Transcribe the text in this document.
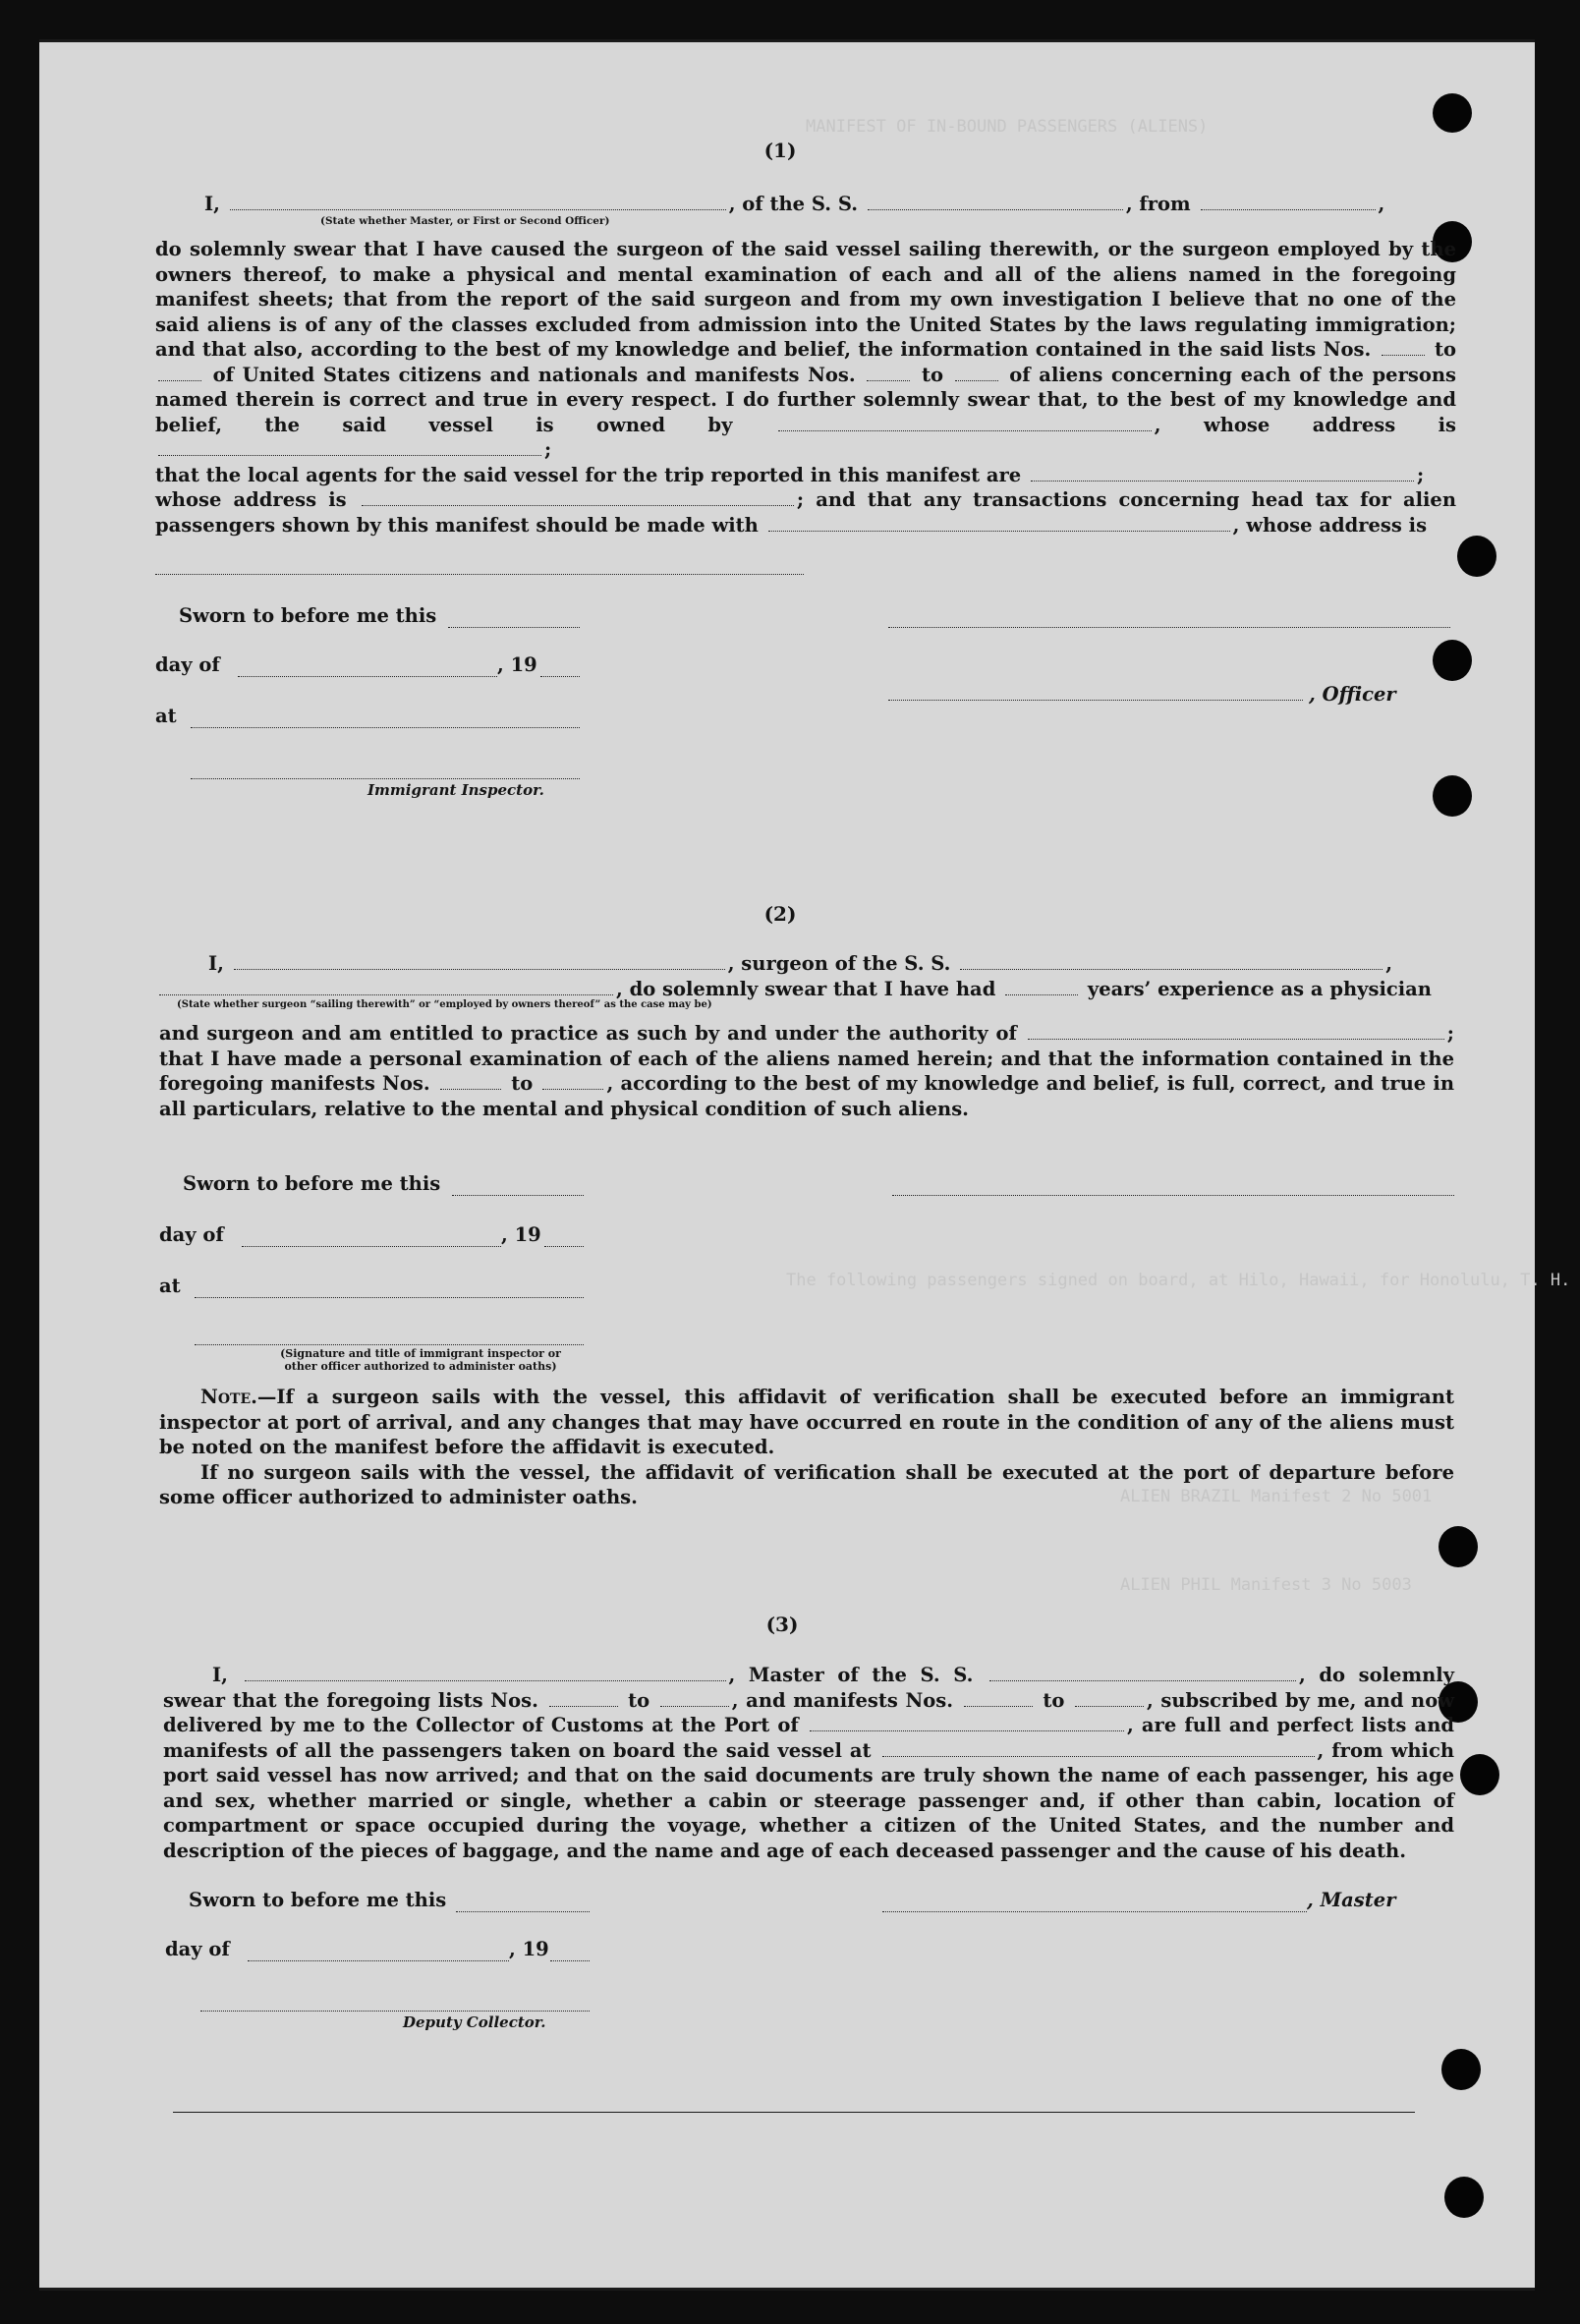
MANIFEST OF IN-BOUND PASSENGERS (ALIENS)
ALIEN BRAZIL Manifest 2 No 5001
ALIEN PHIL Manifest 3 No 5003
The following passengers signed on board, at Hilo, Hawaii, for Honolulu, T. H.
(1)
I,	, of the S. S.	, from	,
(State whether Master, or First or Second Officer)

do solemnly swear that I have caused the surgeon of the said vessel sailing therewith, or the surgeon employed by the owners thereof, to make a physical and mental examination of each and all of the aliens named in the foregoing manifest sheets; that from the report of the said surgeon and from my own investigation I believe that no one of the said aliens is of any of the classes excluded from admission into the United States by the laws regulating immigration; and that also, according to the best of my knowledge and belief, the information contained in the said lists Nos.	to  of United States citizens and nationals and manifests Nos.	to	of aliens concerning each of the persons named therein is correct and true in every respect. I do further solemnly swear that, to the best of my knowledge and belief, the said vessel is owned by	, whose address is ;
that the local agents for the said vessel for the trip reported in this manifest are	;
whose address is	; and that any transactions concerning head tax for alien passengers shown by this manifest should be made with	, whose address is

Sworn to before me this
day of	, 19
, Officer
at
Immigrant Inspector.
(2)
I,	, surgeon of the S. S.	,
, do solemnly swear that I have had	years’ experience as a physician
(State whether surgeon “sailing therewith” or “employed by owners thereof” as the case may be)

and surgeon and am entitled to practice as such by and under the authority of	; that I have made a personal examination of each of the aliens named herein; and that the information contained in the foregoing manifests Nos.	to	, according to the best of my knowledge and belief, is full, correct, and true in all particulars, relative to the mental and physical condition of such aliens.

Sworn to before me this
day of	, 19
at
(Signature and title of immigrant inspector or
other officer authorized to administer oaths)

Note.—If a surgeon sails with the vessel, this affidavit of verification shall be executed before an immigrant inspector at port of arrival, and any changes that may have occurred en route in the condition of any of the aliens must be noted on the manifest before the affidavit is executed.

If no surgeon sails with the vessel, the affidavit of verification shall be executed at the port of departure before some officer authorized to administer oaths.

(3)

I,	, Master of the S. S.	, do solemnly swear that the foregoing lists Nos.	to	, and manifests Nos.	to	, subscribed by me, and now delivered by me to the Collector of Customs at the Port of	, are full and perfect lists and manifests of all the passengers taken on board the said vessel at	, from which port said vessel has now arrived; and that on the said documents are truly shown the name of each passenger, his age and sex, whether married or single, whether a cabin or steerage passenger and, if other than cabin, location of compartment or space occupied during the voyage, whether a citizen of the United States, and the number and description of the pieces of baggage, and the name and age of each deceased passenger and the cause of his death.

Sworn to before me this	, Master
day of	, 19
Deputy Collector.
